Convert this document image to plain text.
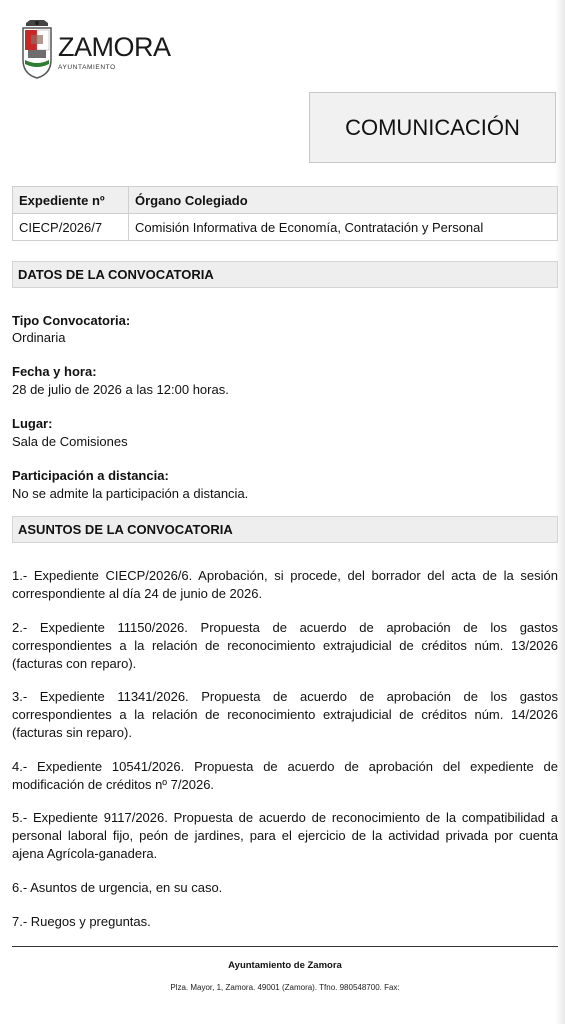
ZAMORA
AYUNTAMIENTO
COMUNICACIÓN
Expediente nº	Órgano Colegiado
CIECP/2026/7	Comisión Informativa de Economía, Contratación y Personal
DATOS DE LA CONVOCATORIA
Tipo Convocatoria:
Ordinaria
Fecha y hora:
28 de julio de 2026 a las 12:00 horas.
Lugar:
Sala de Comisiones
Participación a distancia:
No se admite la participación a distancia.
ASUNTOS DE LA CONVOCATORIA
1.- Expediente CIECP/2026/6. Aprobación, si procede, del borrador del acta de la sesión correspondiente al día 24 de junio de 2026.
2.- Expediente 11150/2026. Propuesta de acuerdo de aprobación de los gastos correspondientes a la relación de reconocimiento extrajudicial de créditos núm. 13/2026 (facturas con reparo).
3.- Expediente 11341/2026. Propuesta de acuerdo de aprobación de los gastos correspondientes a la relación de reconocimiento extrajudicial de créditos núm. 14/2026 (facturas sin reparo).
4.- Expediente 10541/2026. Propuesta de acuerdo de aprobación del expediente de modificación de créditos nº 7/2026.
5.- Expediente 9117/2026. Propuesta de acuerdo de reconocimiento de la compatibilidad a personal laboral fijo, peón de jardines, para el ejercicio de la actividad privada por cuenta ajena Agrícola-ganadera.
6.- Asuntos de urgencia, en su caso.
7.- Ruegos y preguntas.
Ayuntamiento de Zamora
Plza. Mayor, 1, Zamora. 49001 (Zamora). Tfno. 980548700. Fax:
